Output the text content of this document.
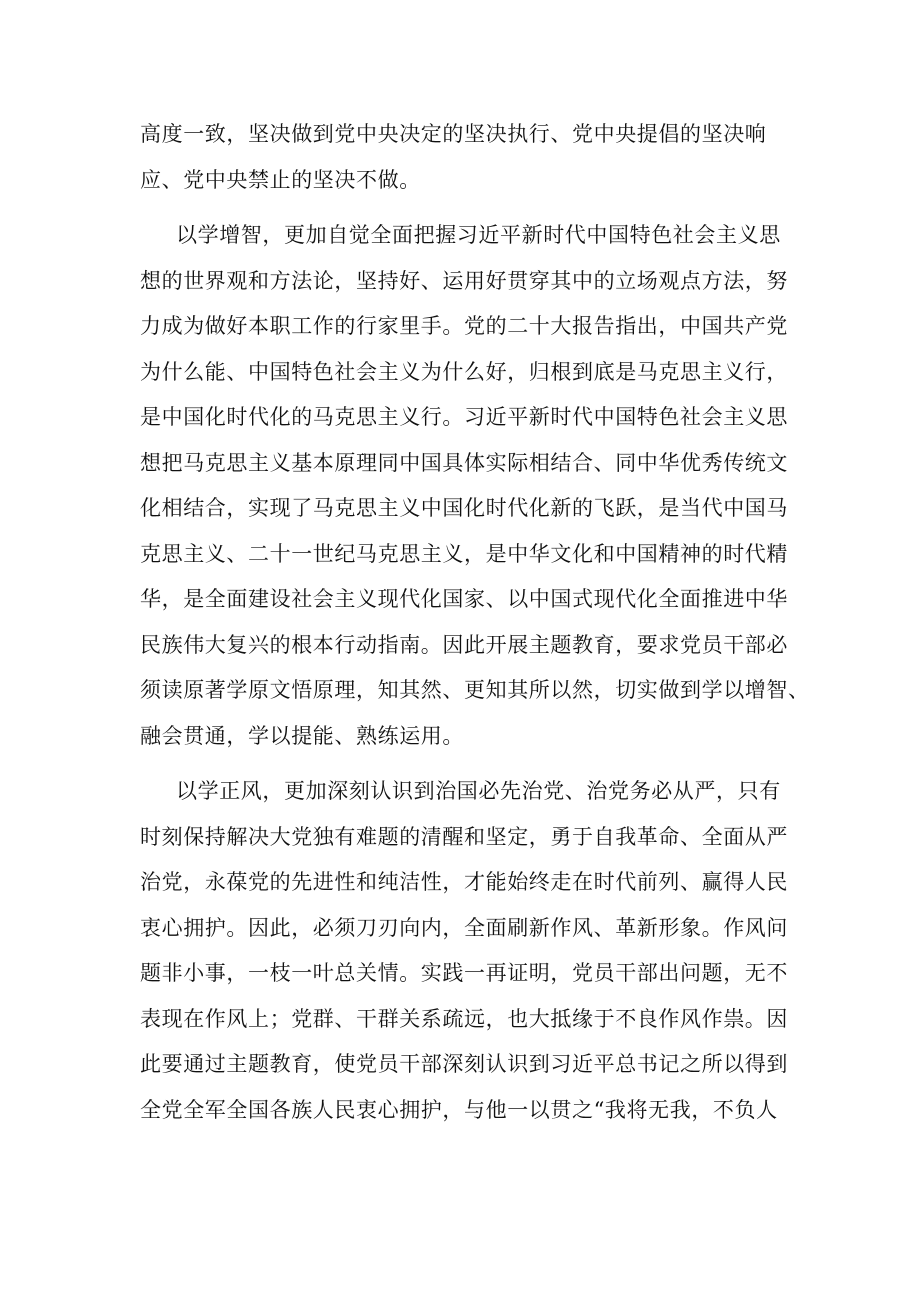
高度一致，坚决做到党中央决定的坚决执行、党中央提倡的坚决响
应、党中央禁止的坚决不做。
以学增智，更加自觉全面把握习近平新时代中国特色社会主义思
想的世界观和方法论，坚持好、运用好贯穿其中的立场观点方法，努
力成为做好本职工作的行家里手。党的二十大报告指出，中国共产党
为什么能、中国特色社会主义为什么好，归根到底是马克思主义行，
是中国化时代化的马克思主义行。习近平新时代中国特色社会主义思
想把马克思主义基本原理同中国具体实际相结合、同中华优秀传统文
化相结合，实现了马克思主义中国化时代化新的飞跃，是当代中国马
克思主义、二十一世纪马克思主义，是中华文化和中国精神的时代精
华，是全面建设社会主义现代化国家、以中国式现代化全面推进中华
民族伟大复兴的根本行动指南。因此开展主题教育，要求党员干部必
须读原著学原文悟原理，知其然、更知其所以然，切实做到学以增智、
融会贯通，学以提能、熟练运用。
以学正风，更加深刻认识到治国必先治党、治党务必从严，只有
时刻保持解决大党独有难题的清醒和坚定，勇于自我革命、全面从严
治党，永葆党的先进性和纯洁性，才能始终走在时代前列、赢得人民
衷心拥护。因此，必须刀刃向内，全面刷新作风、革新形象。作风问
题非小事，一枝一叶总关情。实践一再证明，党员干部出问题，无不
表现在作风上；党群、干群关系疏远，也大抵缘于不良作风作祟。因
此要通过主题教育，使党员干部深刻认识到习近平总书记之所以得到
全党全军全国各族人民衷心拥护，与他一以贯之“我将无我，不负人
